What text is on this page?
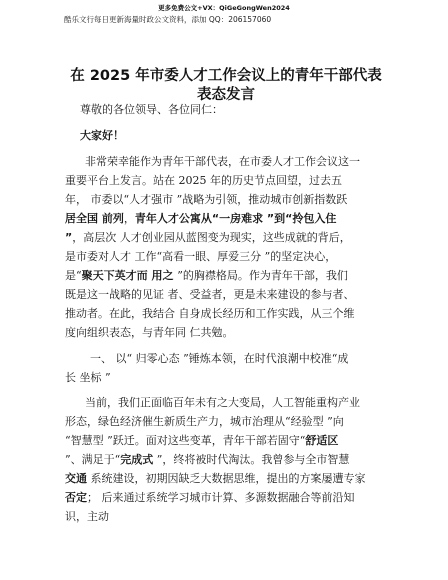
更多免费公文+VX：QiGeGongWen2024
酷乐文行每日更新海量时政公文资料，添加 QQ：206157060
在 2025 年市委人才工作会议上的青年干部代表
表态发言
尊敬的各位领导、各位同仁：
大家好！
非常荣幸能作为青年干部代表，在市委人才工作会议这一
重要平台上发言。站在 2025 年的历史节点回望，过去五
年， 市委以“人才强市 ”战略为引领，推动城市创新指数跃
居全国 前列，青年人才公寓从“一房难求 ”到“拎包入住
”，高层次 人才创业园从蓝图变为现实，这些成就的背后，
是市委对人才 工作“高看一眼、厚爱三分 ”的坚定决心，
是“聚天下英才而 用之 ”的胸襟格局。作为青年干部，我们
既是这一战略的见证 者、受益者，更是未来建设的参与者、
推动者。在此，我结合 自身成长经历和工作实践，从三个维
度向组织表态，与青年同 仁共勉。
一、 以“ 归零心态 ”锤炼本领，在时代浪潮中校准“成
长 坐标 ”
当前，我们正面临百年未有之大变局，人工智能重构产业
形态，绿色经济催生新质生产力，城市治理从“经验型 ”向
“智慧型 ”跃迁。面对这些变革，青年干部若固守“舒适区
”、满足于“完成式 ”，终将被时代淘汰。我曾参与全市智慧
交通 系统建设，初期因缺乏大数据思维，提出的方案屡遭专家
否定； 后来通过系统学习城市计算、多源数据融合等前沿知
识，主动
